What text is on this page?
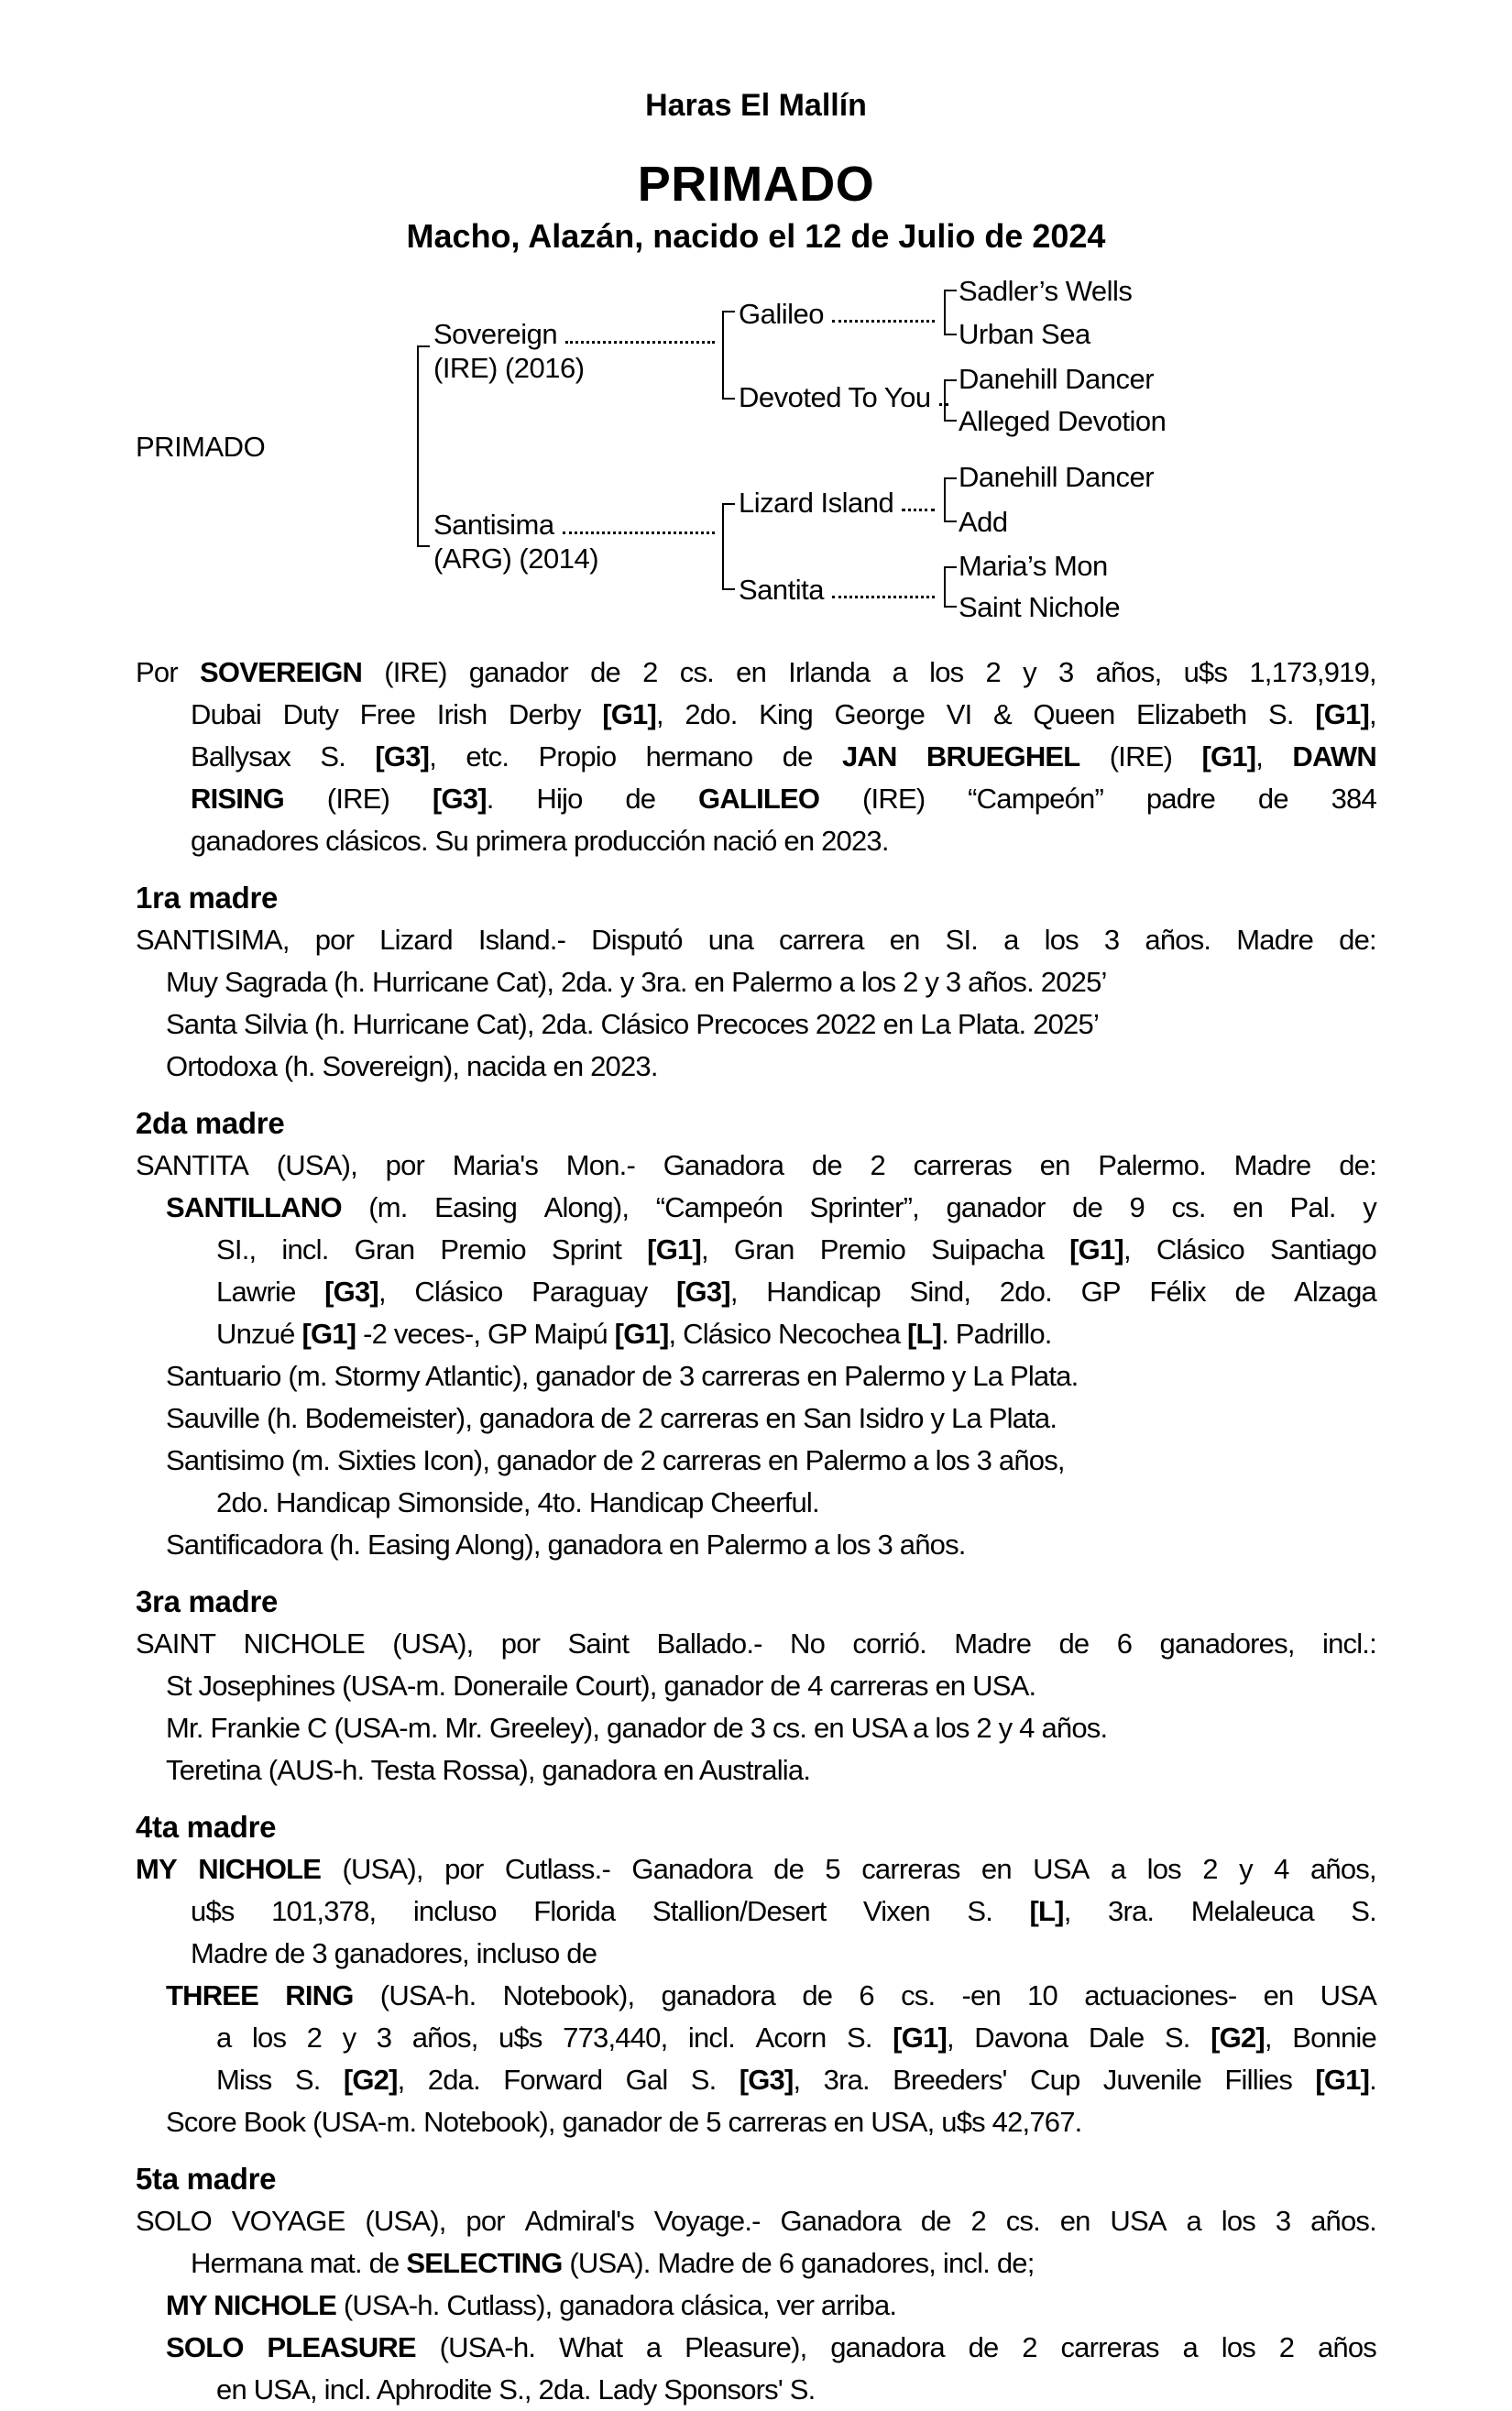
Haras El Mallín
PRIMADO
Macho, Alazán, nacido el 12 de Julio de 2024
PRIMADO
Sovereign
(IRE) (2016)
Santisima
(ARG) (2014)
Galileo
Devoted To You
Lizard Island
Santita
Sadler’s Wells
Urban Sea
Danehill Dancer
Alleged Devotion
Danehill Dancer
Add
Maria’s Mon
Saint Nichole
Por SOVEREIGN (IRE) ganador de 2 cs. en Irlanda a los 2 y 3 años, u$s 1,173,919,
Dubai Duty Free Irish Derby [G1], 2do. King George VI & Queen Elizabeth S. [G1],
Ballysax S. [G3], etc. Propio hermano de JAN BRUEGHEL (IRE) [G1], DAWN
RISING (IRE) [G3]. Hijo de GALILEO (IRE) “Campeón” padre de 384
ganadores clásicos. Su primera producción nació en 2023.
1ra madre
SANTISIMA, por Lizard Island.- Disputó una carrera en SI. a los 3 años. Madre de:
Muy Sagrada (h. Hurricane Cat), 2da. y 3ra. en Palermo a los 2 y 3 años. 2025’
Santa Silvia (h. Hurricane Cat), 2da. Clásico Precoces 2022 en La Plata. 2025’
Ortodoxa (h. Sovereign), nacida en 2023.
2da madre
SANTITA (USA), por Maria's Mon.- Ganadora de 2 carreras en Palermo. Madre de:
SANTILLANO (m. Easing Along), “Campeón Sprinter”, ganador de 9 cs. en Pal. y
SI., incl. Gran Premio Sprint [G1], Gran Premio Suipacha [G1], Clásico Santiago
Lawrie [G3], Clásico Paraguay [G3], Handicap Sind, 2do. GP Félix de Alzaga
Unzué [G1] -2 veces-, GP Maipú [G1], Clásico Necochea [L]. Padrillo.
Santuario (m. Stormy Atlantic), ganador de 3 carreras en Palermo y La Plata.
Sauville (h. Bodemeister), ganadora de 2 carreras en San Isidro y La Plata.
Santisimo (m. Sixties Icon), ganador de 2 carreras en Palermo a los 3 años,
2do. Handicap Simonside, 4to. Handicap Cheerful.
Santificadora (h. Easing Along), ganadora en Palermo a los 3 años.
3ra madre
SAINT NICHOLE (USA), por Saint Ballado.- No corrió. Madre de 6 ganadores, incl.:
St Josephines (USA-m. Doneraile Court), ganador de 4 carreras en USA.
Mr. Frankie C (USA-m. Mr. Greeley), ganador de 3 cs. en USA a los 2 y 4 años.
Teretina (AUS-h. Testa Rossa), ganadora en Australia.
4ta madre
MY NICHOLE (USA), por Cutlass.- Ganadora de 5 carreras en USA a los 2 y 4 años,
u$s 101,378, incluso Florida Stallion/Desert Vixen S. [L], 3ra. Melaleuca S.
Madre de 3 ganadores, incluso de
THREE RING (USA-h. Notebook), ganadora de 6 cs. -en 10 actuaciones- en USA
a los 2 y 3 años, u$s 773,440, incl. Acorn S. [G1], Davona Dale S. [G2], Bonnie
Miss S. [G2], 2da. Forward Gal S. [G3], 3ra. Breeders' Cup Juvenile Fillies [G1].
Score Book (USA-m. Notebook), ganador de 5 carreras en USA, u$s 42,767.
5ta madre
SOLO VOYAGE (USA), por Admiral's Voyage.- Ganadora de 2 cs. en USA a los 3 años.
Hermana mat. de SELECTING (USA). Madre de 6 ganadores, incl. de;
MY NICHOLE (USA-h. Cutlass), ganadora clásica, ver arriba.
SOLO PLEASURE (USA-h. What a Pleasure), ganadora de 2 carreras a los 2 años
en USA, incl. Aphrodite S., 2da. Lady Sponsors' S.
